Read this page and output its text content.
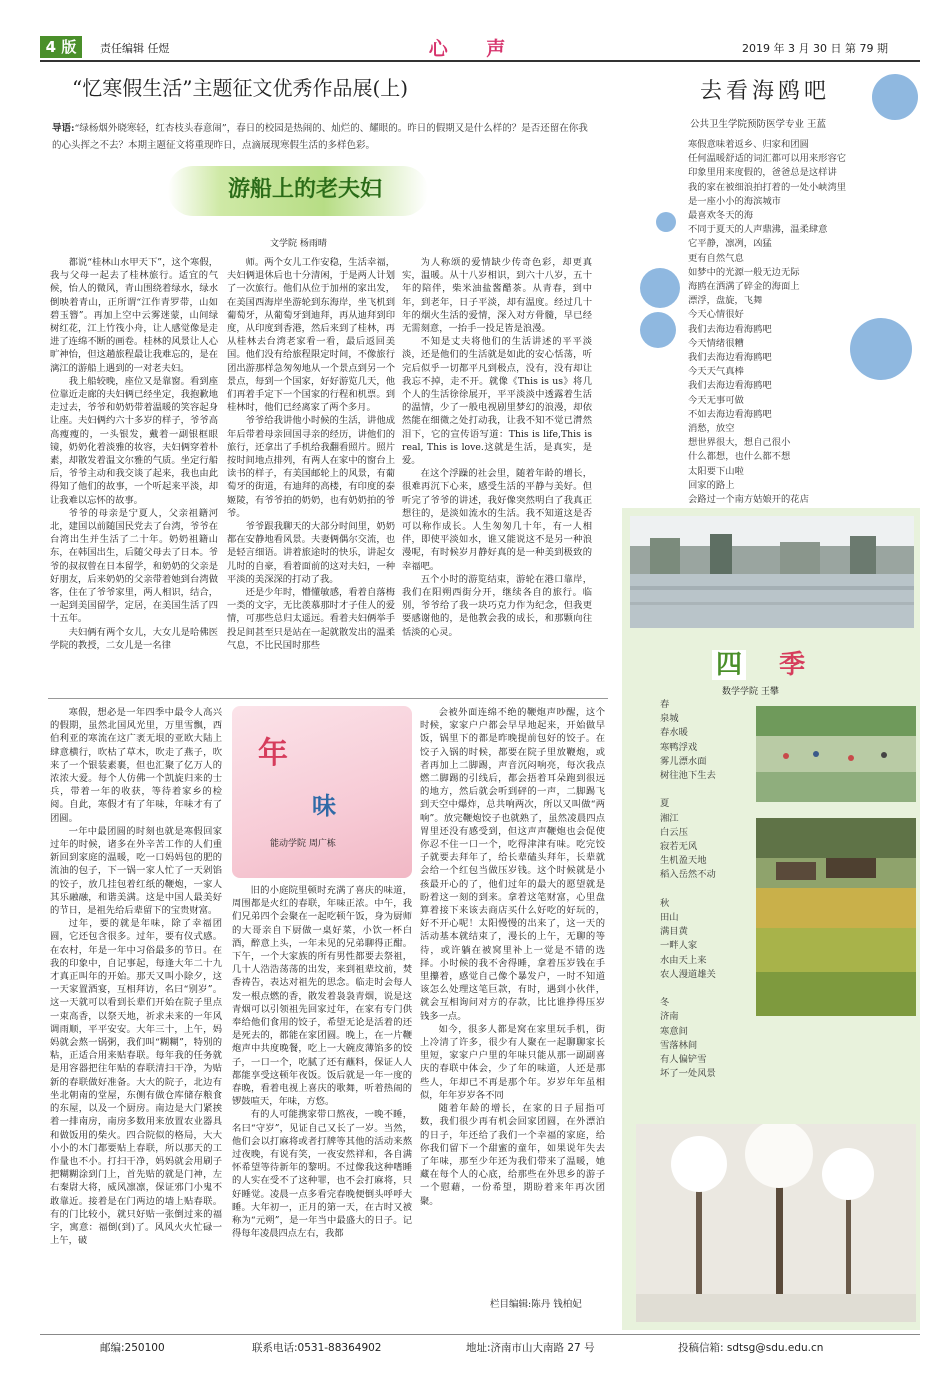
4 版	责任编辑 任煜	心 声	2019 年 3 月 30 日 第 79 期
“忆寒假生活”主题征文优秀作品展(上)
导语:“绿杨烟外晓寒轻，红杏枝头春意闹”，春日的校园是热闹的、灿烂的、耀眼的。昨日的假期又是什么样的？是否还留在你我的心头挥之不去？本期主题征文将重现昨日，点滴展现寒假生活的多样色彩。
游船上的老夫妇
文学院 杨雨晴

都说“桂林山水甲天下”，这个寒假，我与父母一起去了桂林旅行。适宜的气候，怡人的微风，青山围绕着绿水，绿水倒映着青山，正所谓“江作青罗带，山如碧玉簪”。再加上空中云雾迷蒙，山间绿树红花，江上竹筏小舟，让人感觉像是走进了连绵不断的画卷。桂林的风景让人心旷神怡，但这趟旅程最让我难忘的，是在漓江的游船上遇到的一对老夫妇。

我上船较晚，座位又是靠窗。看到座位靠近走廊的夫妇俩已经坐定，我抱歉地走过去，爷爷和奶奶带着温暖的笑容起身让座。夫妇俩约六十多岁的样子，爷爷高高瘦瘦的，一头银发，戴着一副银框眼镜，奶奶化着淡雅的妆容，夫妇俩穿着朴素，却散发着温文尔雅的气质。坐定行船后，爷爷主动和我交谈了起来，我也由此得知了他们的故事，一个听起来平淡，却让我难以忘怀的故事。

爷爷的母亲是宁夏人，父亲祖籍河北，建国以前随国民党去了台湾，爷爷在台湾出生并生活了二十年。奶奶祖籍山东，在韩国出生，后随父母去了日本。爷爷的叔叔曾在日本留学，和奶奶的父亲是好朋友，后来奶奶的父亲带着她到台湾做客，住在了爷爷家里，两人相识，结合，一起到美国留学，定居，在美国生活了四十五年。

夫妇俩有两个女儿，大女儿是哈佛医学院的教授，二女儿是一名律

师。两个女儿工作安稳，生活幸福，夫妇俩退休后也十分清闲，于是两人计划了一次旅行。他们从位于加州的家出发，在美国西海岸坐游轮到东海岸，坐飞机到葡萄牙，从葡萄牙到迪拜，再从迪拜到印度，从印度到香港，然后来到了桂林，再从桂林去台湾老家看一看，最后返回美国。他们没有给旅程限定时间，不像旅行团出游那样急匆匆地从一个景点到另一个景点，每到一个国家，好好游览几天，他们再着手定下一个国家的行程和机票。到桂林时，他们已经离家了两个多月。

爷爷给我讲他小时候的生活，讲他成年后带着母亲回国寻亲的经历，讲他们的旅行，还拿出了手机给我翻看照片。照片按时间地点排列，有两人在家中的窗台上读书的样子，有美国邮轮上的风景，有葡萄牙的街道，有迪拜的高楼，有印度的泰姬陵，有爷爷拍的奶奶，也有奶奶拍的爷爷。

爷爷跟我聊天的大部分时间里，奶奶都在安静地看风景。夫妻俩偶尔交流，也是轻言细语。讲着旅途时的快乐，讲起女儿时的自豪，看着面前的这对夫妇，一种平淡的美深深的打动了我。

还是少年时，懵懂敏感，看着自落梅一类的文字，无比羡慕那时才子佳人的爱情，可那些总归太遥远。看着夫妇俩举手投足间甚至只是站在一起就散发出的温柔气息，不比民国时那些

为人称颂的爱情缺少传奇色彩，却更真实，温暖。从十八岁相识，到六十八岁，五十年的陪伴，柴米油盐酱醋茶。从青春，到中年，到老年，日子平淡，却有温度。经过几十年的烟火生活的爱情，深入对方骨髓，早已经无需刻意，一抬手一投足皆是浪漫。

不知是丈夫将他们的生活讲述的平平淡淡，还是他们的生活就是如此的安心恬荡，听完后似乎一切都平凡到极点，没有，没有却让我忘不掉，走不开。就像《This is us》将几个人的生活徐徐展开，平平淡淡中透露着生活的温情，少了一般电视剧里梦幻的浪漫，却依然能在细微之处打动我，让我不知不觉已潸然泪下，它的宣传语写道：This is life,This is real, This is love.这就是生活，是真实，是爱。

在这个浮躁的社会里，随着年龄的增长，很难再沉下心来，感受生活的平静与美好。但听完了爷爷的讲述，我好像突然明白了我真正想往的，是淡如流水的生活。我不知道这是否可以称作成长。人生匆匆几十年，有一人相伴，即使平淡如水，谁又能说这不是另一种浪漫呢，有时候岁月静好真的是一种美到极致的幸福吧。

五个小时的游览结束，游轮在港口靠岸，我们在阳朔西街分开，继续各自的旅行。临别，爷爷给了我一块巧克力作为纪念，但我更要感谢他的，是他教会我的成长，和那颗向往恬淡的心灵。

年
味
能动学院 周广栋

寒假，想必是一年四季中最令人高兴的假期，虽然北国风光里，万里雪飘，西伯利亚的寒流在这广袤无垠的亚欧大陆上肆意横行，吹枯了草木，吹走了燕子，吹来了一个银装素裹，但也汇聚了亿万人的浓浓大爱。每个人仿佛一个凯旋归来的士兵，带着一年的收获，等待着家乡的检阅。自此，寒假才有了年味，年味才有了团圆。

一年中最团圆的时刻也就是寒假回家过年的时候，诸多在外辛苦工作的人们重新回到家庭的温暖，吃一口妈妈包的肥的流油的包子，下一锅一家人忙了一天剁馅的饺子，放几挂包着红纸的鞭炮，一家人其乐融融，和谐美满。这是中国人最美好的节日，是祖先给后辈留下的宝贵财富。

过年，要的就是年味，除了幸福团圆，它还包含很多。过年，要有仪式感。在农村，年是一年中习俗最多的节日。在我的印象中，自记事起，每逢大年二十九才真正叫年的开始。那天又叫小除夕，这一天家置酒宴，互相拜访，名曰“别岁”。这一天就可以看到长辈们开始在院子里点一束高香，以祭天地，祈求未来的一年风调雨顺，平平安安。大年三十，上午，妈妈就会熬一锅粥，我们叫“糊糊”，特别的粘，正适合用来贴春联。每年我的任务就是用容器把往年贴的春联清扫干净，为贴新的春联做好准备。大大的院子，北边有坐北朝南的堂屋，东侧有做仓库储存粮食的东屋，以及一个厨房。南边是大门紧挨着一排南房，南房多数用来放置农业器具和做饭用的柴火。四合院似的格局，大大小小的木门都要贴上春联，所以那天的工作量也不小。打扫干净，妈妈就会用刷子把糊糊涂到门上，首先贴的就是门神，左右秦尉大将，威风凛凛，保证邪门小鬼不敢靠近。接着是在门两边的墙上贴春联。有的门比较小，就只好贴一张倒过来的福字，寓意：福倒(到)了。风风火火忙碌一上午，破

旧的小庭院里顿时充满了喜庆的味道，周围都是火红的春联，年味正浓。中午，我们兄弟四个会聚在一起吃顿午饭，身为厨师的大哥亲自下厨做一桌好菜，小饮一杯白酒，醉意上头，一年未见的兄弟聊得正酣。下午，一个大家族的所有男性都要去祭祖，几十人浩浩荡荡的出发，来到祖辈坟前，焚香祷告，表达对祖先的思念。临走时会每人发一根点燃的香，散发着袅袅青烟，说是这青烟可以引领祖先回家过年，在家有专门供奉给他们食用的饺子，希望无论是活着的还是死去的，都能在家团圆。晚上，在一片鞭炮声中共度晚餐，吃上一大碗皮薄馅多的饺子，一口一个，吃腻了还有蘸料，保证人人都能享受这顿年夜饭。饭后就是一年一度的春晚，看着电视上喜庆的歌舞，听着热闹的锣鼓喧天，年味，方悠。

有的人可能携家带口熬夜，一晚不睡，名曰“守岁”，见证自己又长了一岁。当然，他们会以打麻将或者打牌等其他的活动来熬过夜晚，有说有笑，一夜安然祥和，各自满怀希望等待新年的黎明。不过像我这种嗜睡的人实在受不了这种罪，也不会打麻将，只好睡觉。凌晨一点多看完春晚便倒头呼呼大睡。大年初一，正月的第一天，在古时又被称为“元朔”，是一年当中最盛大的日子。记得每年凌晨四点左右，我都

会被外面连绵不绝的鞭炮声吵醒，这个时候，家家户户都会早早地起来，开始做早饭，锅里下的都是昨晚提前包好的饺子。在饺子入锅的时候，都要在院子里放鞭炮，或者再加上二脚踢，声音沉闷响亮，每次我点燃二脚踢的引线后，都会捂着耳朵跑到很远的地方，然后就会听到砰的一声，二脚踢飞到天空中爆炸，总共响两次，所以又叫做“两响”。放完鞭炮饺子也就熟了，虽然凌晨四点胃里还没有感受到，但这声声鞭炮也会促使你忍不住一口一个，吃得津津有味。吃完饺子就要去拜年了，给长辈磕头拜年，长辈就会给一个红包当做压岁钱。这个时候就是小孩最开心的了，他们过年的最大的愿望就是盼着这一刻的到来。拿着这笔财富，心里盘算着接下来该去商店买什么好吃的好玩的，好不开心呢！太阳慢慢的出来了，这一天的活动基本就结束了，漫长的上午，无聊的等待，或许躺在被窝里补上一觉是不错的选择。小时候的我不舍得睡，拿着压岁钱在手里攥着，感觉自己像个暴发户，一时不知道该怎么处理这笔巨款，有时，遇到小伙伴，就会互相询问对方的存款，比比谁挣得压岁钱多一点。

如今，很多人都是窝在家里玩手机，街上冷清了许多，很少有人聚在一起聊聊家长里短，家家户户里的年味只能从那一副副喜庆的春联中体会，少了年的味道，人还是那些人，年却已不再是那个年。岁岁年年虽相似，年年岁岁各不同

随着年龄的增长，在家的日子屈指可数，我们很少再有机会回家团圆，在外漂泊的日子，年还给了我们一个幸福的家庭，给你我们留下一个甜蜜的童年，如果说年失去了年味，那至少年还为我们带来了温暖，她藏在每个人的心底，给那些在外思乡的游子一个慰藉，一份希望，期盼着来年再次团聚。

栏目编辑:陈丹 钱柏妃
去看海鸥吧
公共卫生学院预防医学专业 王蓝
寒假意味着返乡、归家和团圆
任何温暖舒适的词汇都可以用来形容它
印象里用来度假的，爸爸总是这样讲
我的家在被细浪拍打着的一处小峡湾里
是一座小小的海滨城市
最喜欢冬天的海
不同于夏天的人声鼎沸，温柔肆意
它平静，凛冽，凶猛
更有自然气息
如梦中的光源一般无边无际
海鸥在洒满了碎金的海面上
漂浮，盘旋，飞舞
今天心情很好
我们去海边看海鸥吧
今天情绪很糟
我们去海边看海鸥吧
今天天气真棒
我们去海边看海鸥吧
今天无事可做
不如去海边看海鸥吧
消愁，放空
想世界很大，想自己很小
什么都想，也什么都不想
太阳要下山啦
回家的路上
会路过一个南方姑娘开的花店

四 季
数学学院 王攀
春
泉城
春水暖
寒鸭浮戏
雾儿漂水面
树往池下生去

夏
湘江
白云压
寂若无风
生机盈天地
稻入岳然不动

秋
田山
满目黄
一畔人家
水由天上来
农人漫道雄关

冬
济南
寒意间
雪落林间
有人偏铲雪
坏了一处风景
邮编:250100	联系电话:0531-88364902	地址:济南市山大南路 27 号	投稿信箱: sdtsg@sdu.edu.cn
